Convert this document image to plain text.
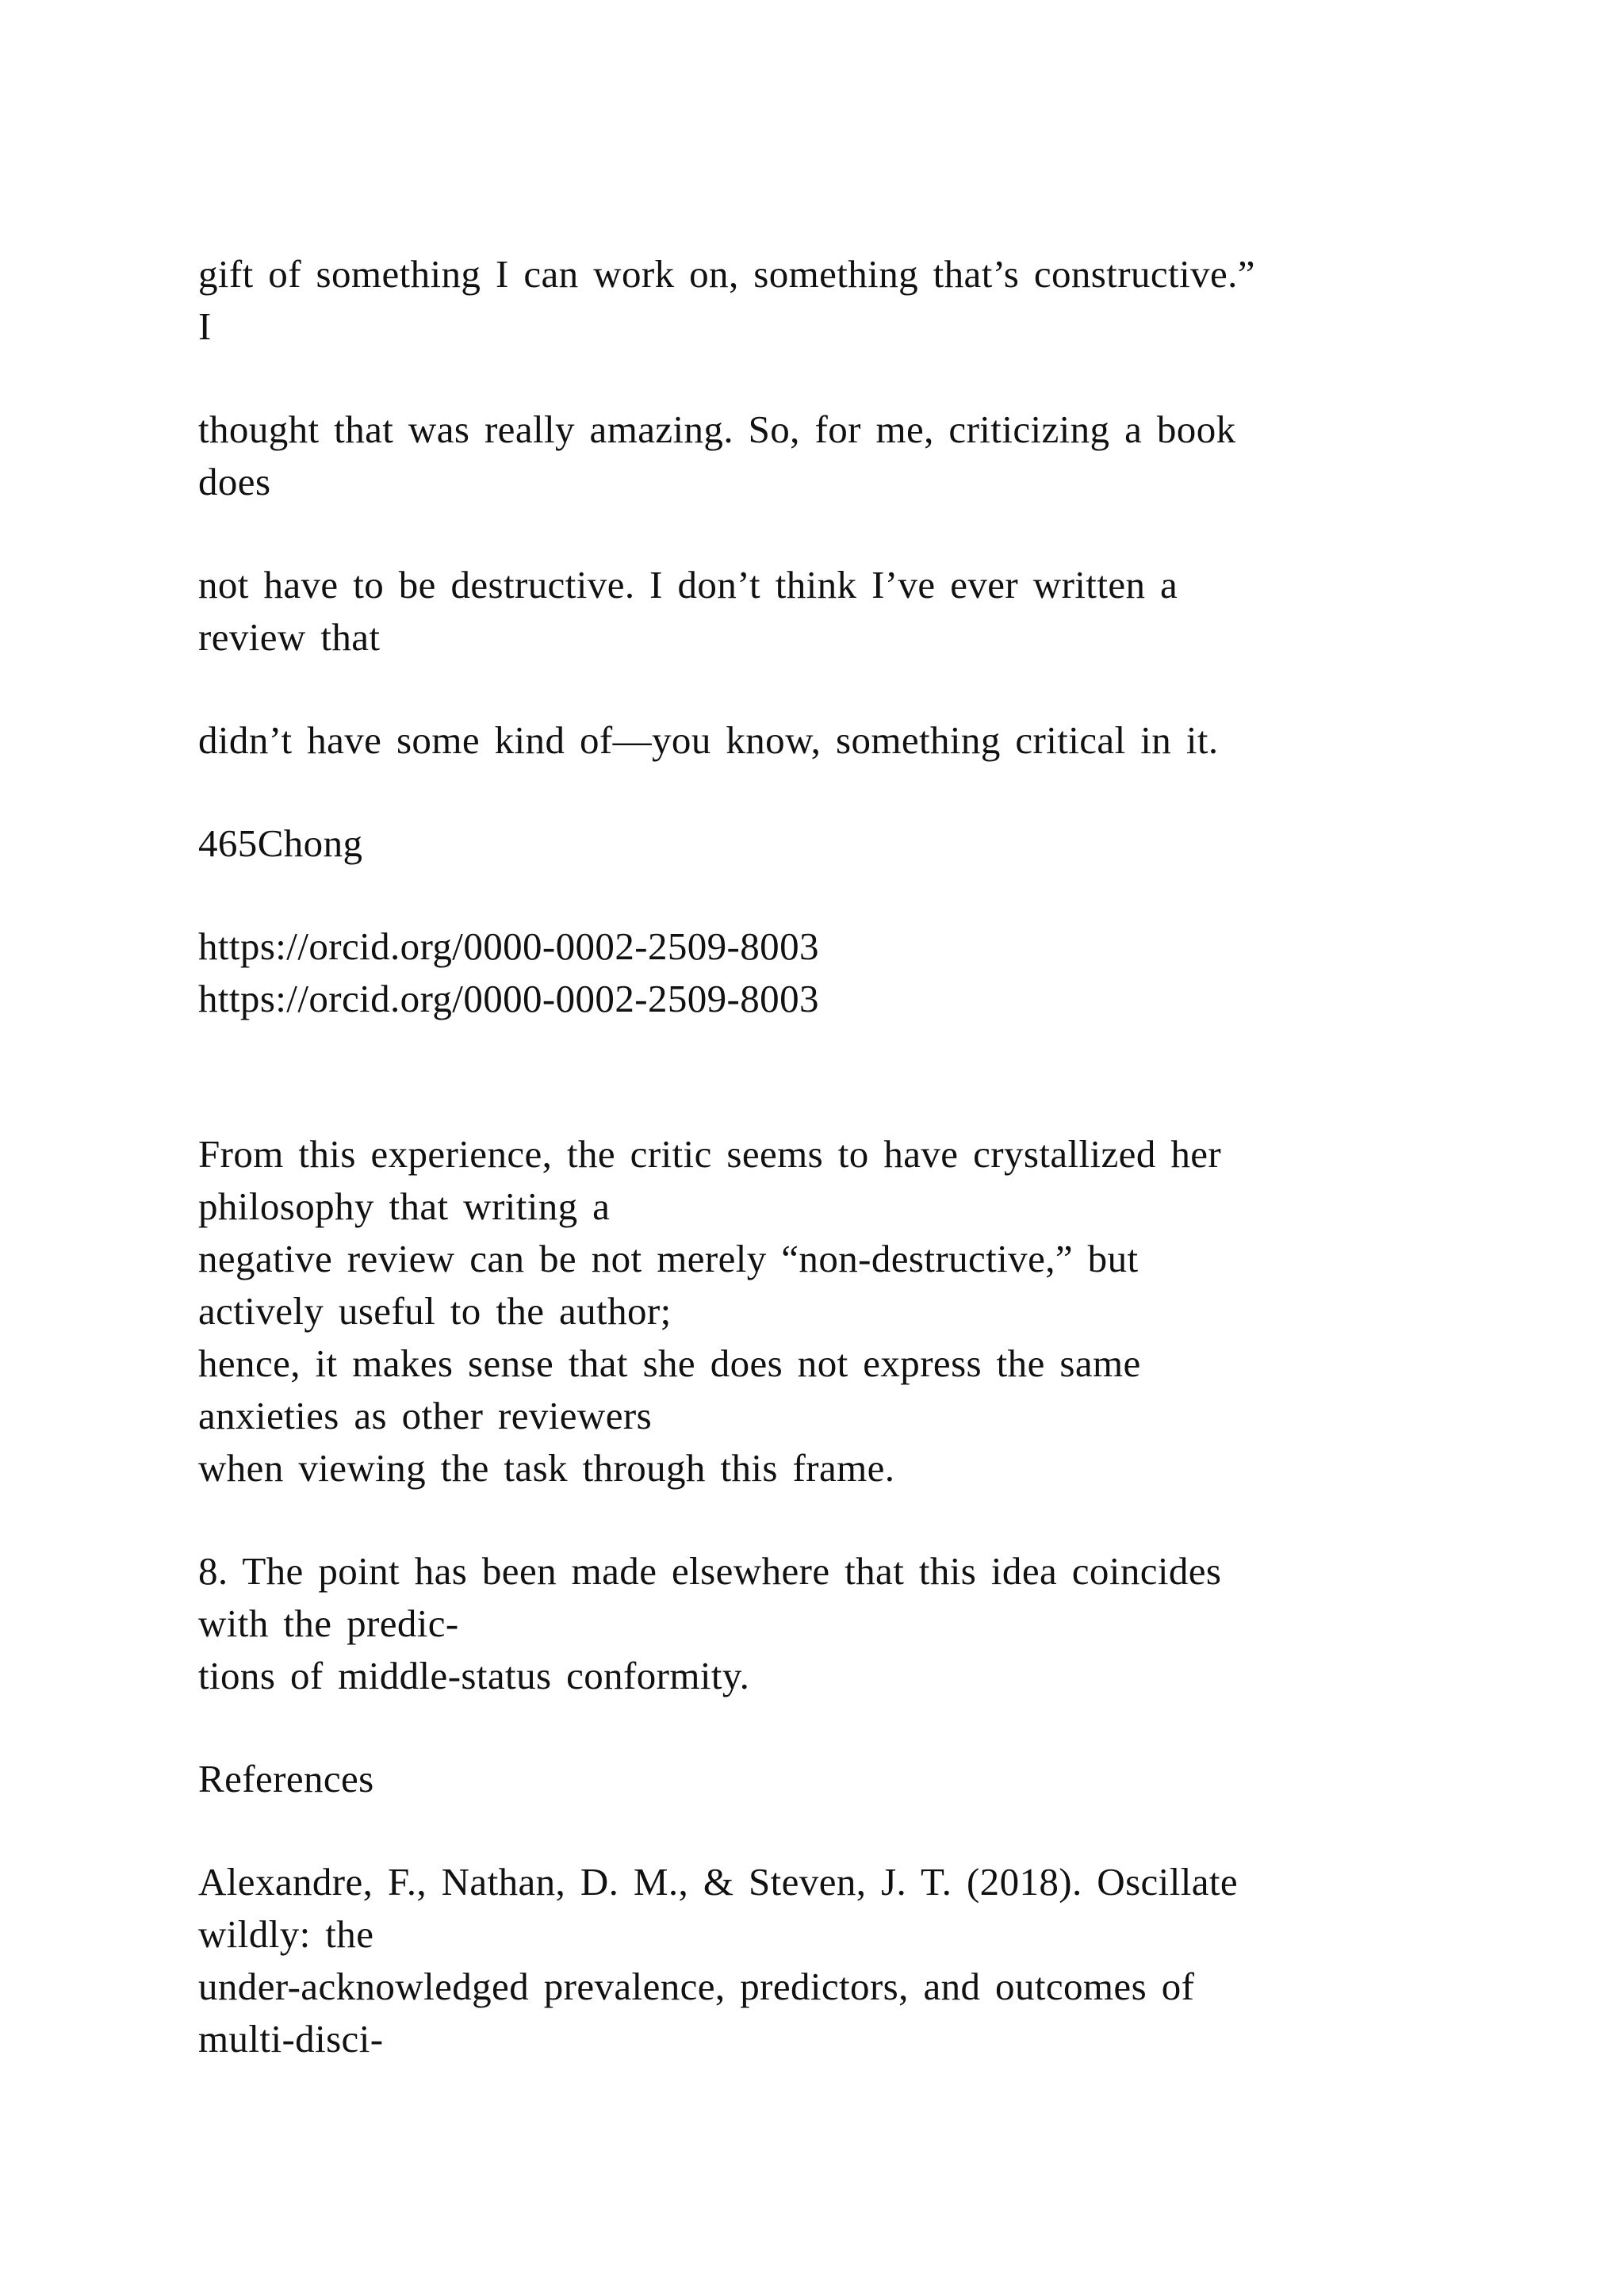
gift of something I can work on, something that’s constructive.”
I
thought that was really amazing. So, for me, criticizing a book
does
not have to be destructive. I don’t think I’ve ever written a
review that
didn’t have some kind of—you know, something critical in it.
465Chong
https://orcid.org/0000-0002-2509-8003
https://orcid.org/0000-0002-2509-8003
From this experience, the critic seems to have crystallized her
philosophy that writing a
negative review can be not merely “non-destructive,” but
actively useful to the author;
hence, it makes sense that she does not express the same
anxieties as other reviewers
when viewing the task through this frame.
8. The point has been made elsewhere that this idea coincides
with the predic-
tions of middle-status conformity.
References
Alexandre, F., Nathan, D. M., & Steven, J. T. (2018). Oscillate
wildly: the
under-acknowledged prevalence, predictors, and outcomes of
multi-disci-
